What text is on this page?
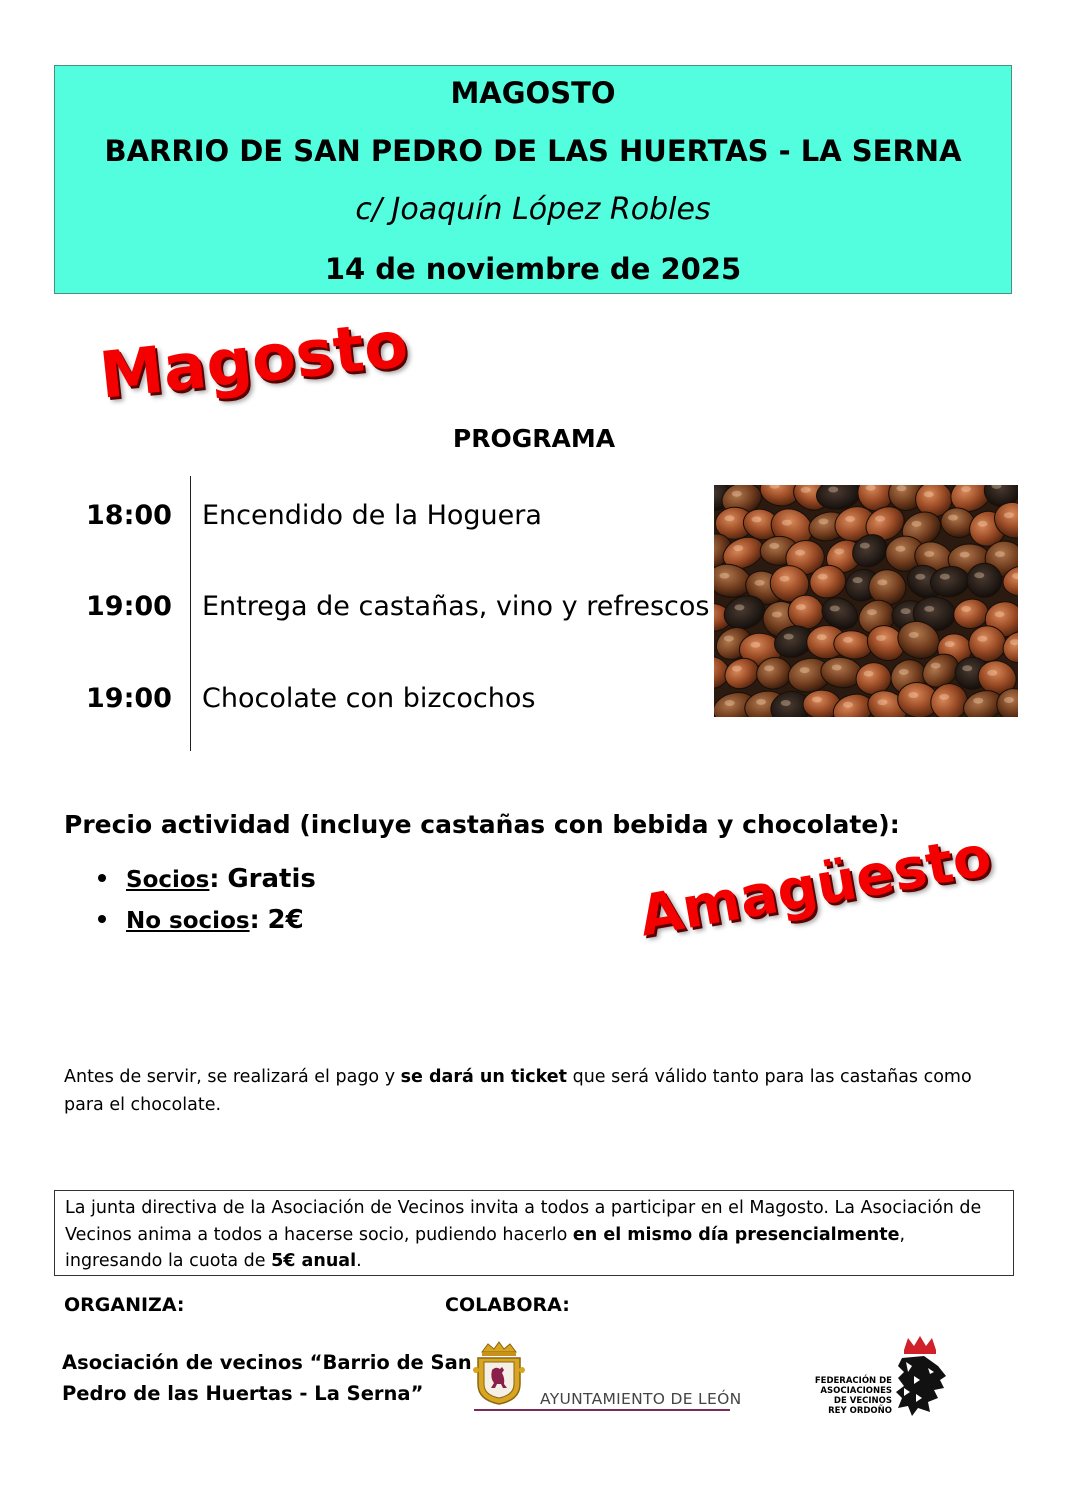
MAGOSTO
BARRIO DE SAN PEDRO DE LAS HUERTAS - LA SERNA
c/ Joaquín López Robles
14 de noviembre de 2025
Magosto
PROGRAMA
18:00 Encendido de la Hoguera
19:00 Entrega de castañas, vino y refrescos
19:00 Chocolate con bizcochos
Precio actividad (incluye castañas con bebida y chocolate):
Socios: Gratis
No socios: 2€	Amagüesto
Antes de servir, se realizará el pago y se dará un ticket que será válido tanto para las castañas como para el chocolate.
La junta directiva de la Asociación de Vecinos invita a todos a participar en el Magosto. La Asociación de Vecinos anima a todos a hacerse socio, pudiendo hacerlo en el mismo día presencialmente, ingresando la cuota de 5€ anual.
ORGANIZA:	COLABORA:
Asociación de vecinos “Barrio de San
Pedro de las Huertas - La Serna”	AYUNTAMIENTO DE LEÓN
FEDERACIÓN DE
ASOCIACIONES
DE VECINOS
REY ORDOÑO
